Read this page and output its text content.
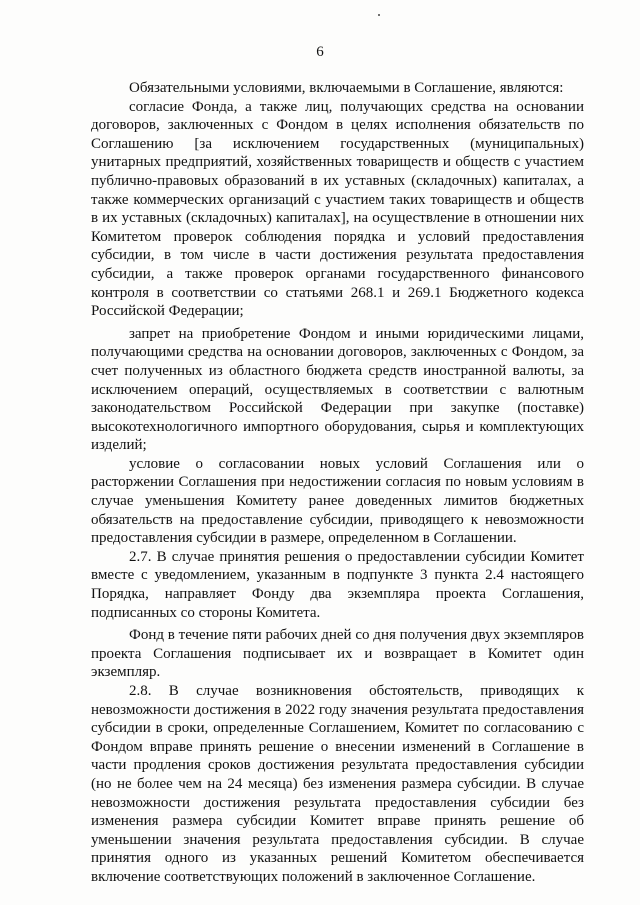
6

Обязательными условиями, включаемыми в Соглашение, являются:

согласие Фонда, а также лиц, получающих средства на основании договоров, заключенных с Фондом в целях исполнения обязательств по Соглашению [за исключением государственных (муниципальных) унитарных предприятий, хозяйственных товариществ и обществ с участием публично-правовых образований в их уставных (складочных) капиталах, а также коммерческих организаций с участием таких товариществ и обществ в их уставных (складочных) капиталах], на осуществление в отношении них Комитетом проверок соблюдения порядка и условий предоставления субсидии, в том числе в части достижения результата предоставления субсидии, а также проверок органами государственного финансового контроля в соответствии со статьями 268.1 и 269.1 Бюджетного кодекса Российской Федерации;

запрет на приобретение Фондом и иными юридическими лицами, получающими средства на основании договоров, заключенных с Фондом, за счет полученных из областного бюджета средств иностранной валюты, за исключением операций, осуществляемых в соответствии с валютным законодательством Российской Федерации при закупке (поставке) высокотехнологичного импортного оборудования, сырья и комплектующих изделий;

условие о согласовании новых условий Соглашения или о расторжении Соглашения при недостижении согласия по новым условиям в случае уменьшения Комитету ранее доведенных лимитов бюджетных обязательств на предоставление субсидии, приводящего к невозможности предоставления субсидии в размере, определенном в Соглашении.

2.7. В случае принятия решения о предоставлении субсидии Комитет вместе с уведомлением, указанным в подпункте 3 пункта 2.4 настоящего Порядка, направляет Фонду два экземпляра проекта Соглашения, подписанных со стороны Комитета.

Фонд в течение пяти рабочих дней со дня получения двух экземпляров проекта Соглашения подписывает их и возвращает в Комитет один экземпляр.

2.8. В случае возникновения обстоятельств, приводящих к невозможности достижения в 2022 году значения результата предоставления субсидии в сроки, определенные Соглашением, Комитет по согласованию с Фондом вправе принять решение о внесении изменений в Соглашение в части продления сроков достижения результата предоставления субсидии (но не более чем на 24 месяца) без изменения размера субсидии. В случае невозможности достижения результата предоставления субсидии без изменения размера субсидии Комитет вправе принять решение об уменьшении значения результата предоставления субсидии. В случае принятия одного из указанных решений Комитетом обеспечивается включение соответствующих положений в заключенное Соглашение.
